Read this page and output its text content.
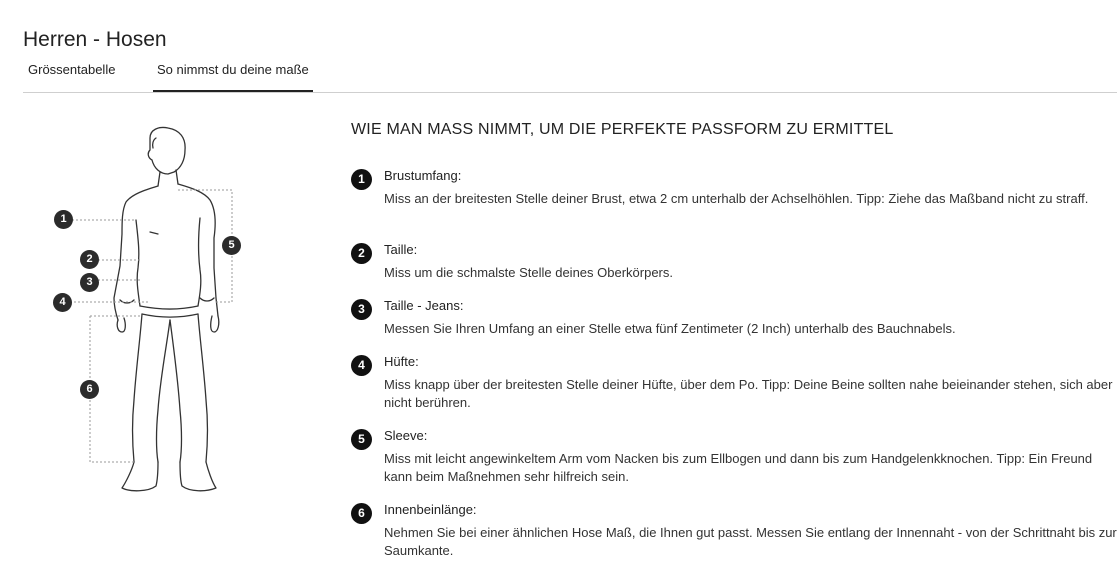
Herren - Hosen
Grössentabelle	So nimmst du deine maße
1
2
3
4
5
6
WIE MAN MASS NIMMT, UM DIE PERFEKTE PASSFORM ZU ERMITTEL
1	Brustumfang:
Miss an der breitesten Stelle deiner Brust, etwa 2 cm unterhalb der Achselhöhlen. Tipp: Ziehe das Maßband nicht zu straff.
2	Taille:
Miss um die schmalste Stelle deines Oberkörpers.
3	Taille - Jeans:
Messen Sie Ihren Umfang an einer Stelle etwa fünf Zentimeter (2 Inch) unterhalb des Bauchnabels.
4	Hüfte:
Miss knapp über der breitesten Stelle deiner Hüfte, über dem Po. Tipp: Deine Beine sollten nahe beieinander stehen, sich aber nicht berühren.
5	Sleeve:
Miss mit leicht angewinkeltem Arm vom Nacken bis zum Ellbogen und dann bis zum Handgelenkknochen. Tipp: Ein Freund kann beim Maßnehmen sehr hilfreich sein.
6	Innenbeinlänge:
Nehmen Sie bei einer ähnlichen Hose Maß, die Ihnen gut passt. Messen Sie entlang der Innennaht - von der Schrittnaht bis zur Saumkante.
